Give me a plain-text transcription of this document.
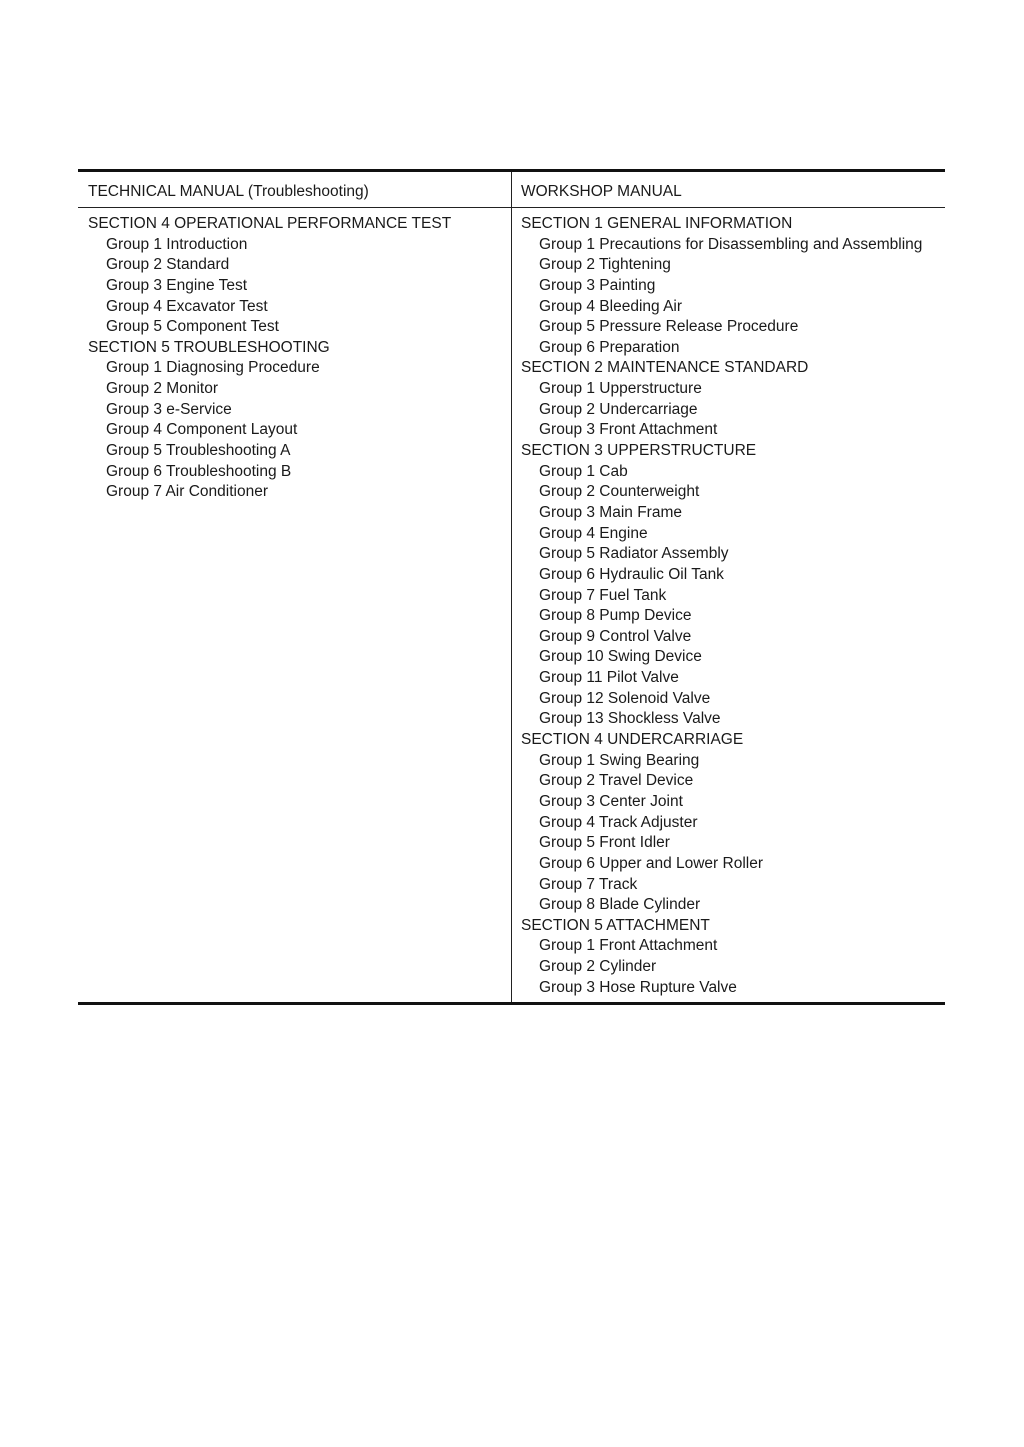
TECHNICAL MANUAL (Troubleshooting)
SECTION 4 OPERATIONAL PERFORMANCE TEST
Group 1 Introduction
Group 2 Standard
Group 3 Engine Test
Group 4 Excavator Test
Group 5 Component Test
SECTION 5 TROUBLESHOOTING
Group 1 Diagnosing Procedure
Group 2 Monitor
Group 3 e-Service
Group 4 Component Layout
Group 5 Troubleshooting A
Group 6 Troubleshooting B
Group 7 Air Conditioner
WORKSHOP MANUAL
SECTION 1 GENERAL INFORMATION
Group 1 Precautions for Disassembling and Assembling
Group 2 Tightening
Group 3 Painting
Group 4 Bleeding Air
Group 5 Pressure Release Procedure
Group 6 Preparation
SECTION 2 MAINTENANCE STANDARD
Group 1 Upperstructure
Group 2 Undercarriage
Group 3 Front Attachment
SECTION 3 UPPERSTRUCTURE
Group 1 Cab
Group 2 Counterweight
Group 3 Main Frame
Group 4 Engine
Group 5 Radiator Assembly
Group 6 Hydraulic Oil Tank
Group 7 Fuel Tank
Group 8 Pump Device
Group 9 Control Valve
Group 10 Swing Device
Group 11 Pilot Valve
Group 12 Solenoid Valve
Group 13 Shockless Valve
SECTION 4 UNDERCARRIAGE
Group 1 Swing Bearing
Group 2 Travel Device
Group 3 Center Joint
Group 4 Track Adjuster
Group 5 Front Idler
Group 6 Upper and Lower Roller
Group 7 Track
Group 8 Blade Cylinder
SECTION 5 ATTACHMENT
Group 1 Front Attachment
Group 2 Cylinder
Group 3 Hose Rupture Valve
